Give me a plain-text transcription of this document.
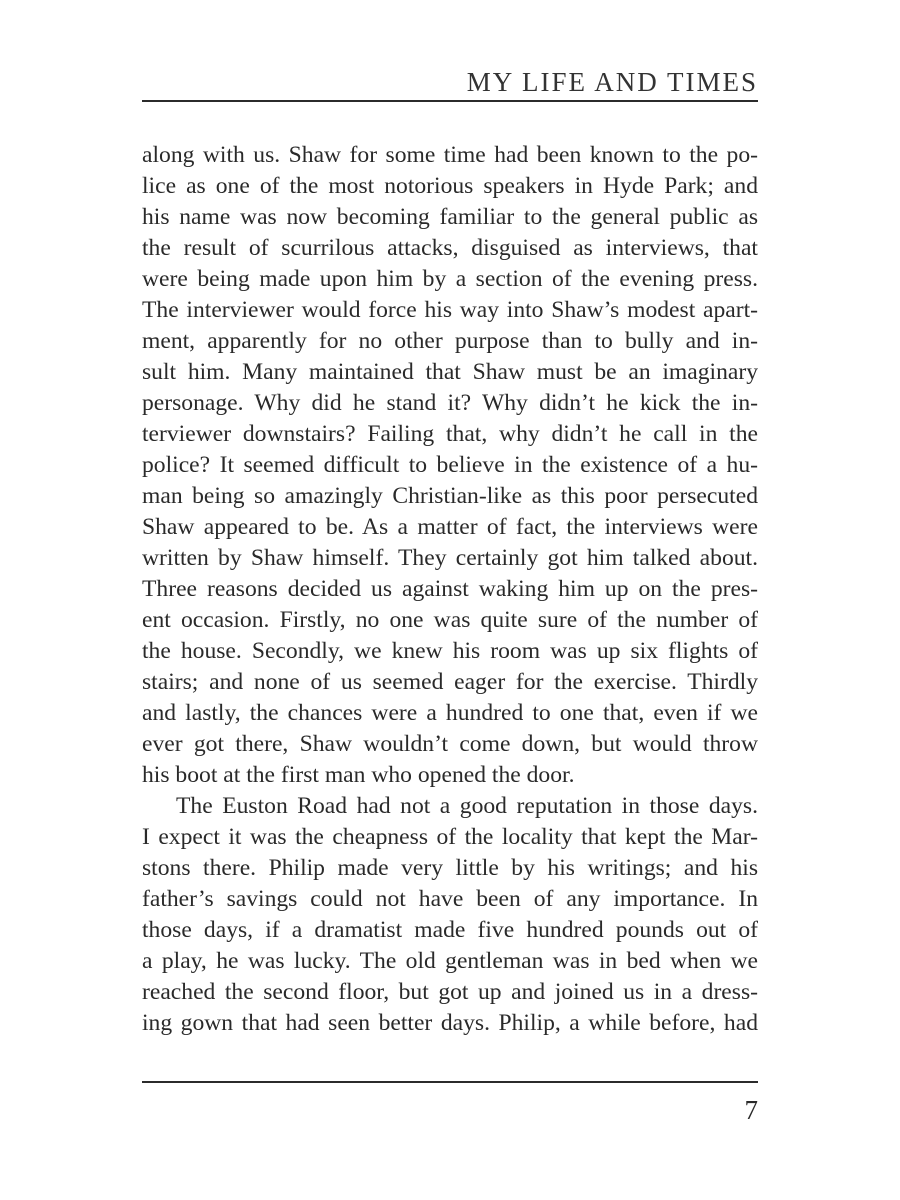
MY LIFE AND TIMES
along with us. Shaw for some time had been known to the po-
lice as one of the most notorious speakers in Hyde Park; and
his name was now becoming familiar to the general public as
the result of scurrilous attacks, disguised as interviews, that
were being made upon him by a section of the evening press.
The interviewer would force his way into Shaw’s modest apart-
ment, apparently for no other purpose than to bully and in-
sult him. Many maintained that Shaw must be an imaginary
personage. Why did he stand it? Why didn’t he kick the in-
terviewer downstairs? Failing that, why didn’t he call in the
police? It seemed difficult to believe in the existence of a hu-
man being so amazingly Christian-like as this poor persecuted
Shaw appeared to be. As a matter of fact, the interviews were
written by Shaw himself. They certainly got him talked about.
Three reasons decided us against waking him up on the pres-
ent occasion. Firstly, no one was quite sure of the number of
the house. Secondly, we knew his room was up six flights of
stairs; and none of us seemed eager for the exercise. Thirdly
and lastly, the chances were a hundred to one that, even if we
ever got there, Shaw wouldn’t come down, but would throw
his boot at the first man who opened the door.
The Euston Road had not a good reputation in those days.
I expect it was the cheapness of the locality that kept the Mar-
stons there. Philip made very little by his writings; and his
father’s savings could not have been of any importance. In
those days, if a dramatist made five hundred pounds out of
a play, he was lucky. The old gentleman was in bed when we
reached the second floor, but got up and joined us in a dress-
ing gown that had seen better days. Philip, a while before, had
7
